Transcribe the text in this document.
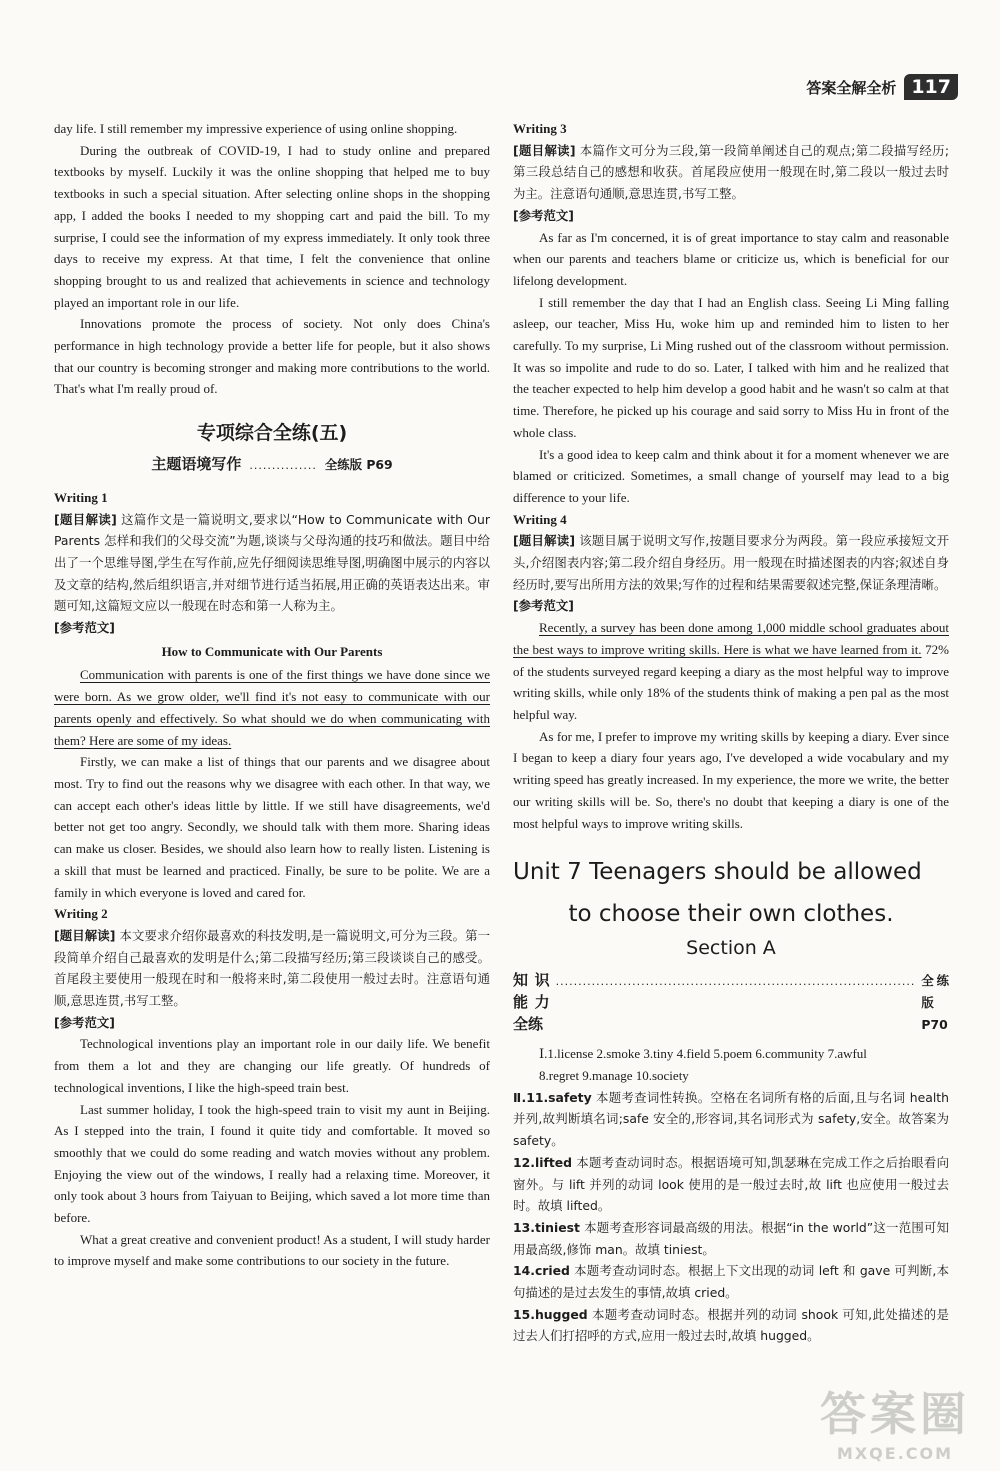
答案全解全析 117

day life. I still remember my impressive experience of using online shopping.

During the outbreak of COVID-19, I had to study online and prepared textbooks by myself. Luckily it was the online shopping that helped me to buy textbooks in such a special situation. After selecting online shops in the shopping app, I added the books I needed to my shopping cart and paid the bill. To my surprise, I could see the information of my express immediately. It only took three days to receive my express. At that time, I felt the convenience that online shopping brought to us and realized that achievements in science and technology played an important role in our life.

Innovations promote the process of society. Not only does China's performance in high technology provide a better life for people, but it also shows that our country is becoming stronger and making more contributions to the world. That's what I'm really proud of.

专项综合全练(五)
主题语境写作 ............... 全练版 P69
Writing 1

[题目解读] 这篇作文是一篇说明文,要求以“How to Communicate with Our Parents 怎样和我们的父母交流”为题,谈谈与父母沟通的技巧和做法。题目中给出了一个思维导图,学生在写作前,应先仔细阅读思维导图,明确图中展示的内容以及文章的结构,然后组织语言,并对细节进行适当拓展,用正确的英语表达出来。审题可知,这篇短文应以一般现在时态和第一人称为主。

[参考范文]
How to Communicate with Our Parents

Communication with parents is one of the first things we have done since we were born. As we grow older, we'll find it's not easy to communicate with our parents openly and effectively. So what should we do when communicating with them? Here are some of my ideas.

Firstly, we can make a list of things that our parents and we disagree about most. Try to find out the reasons why we disagree with each other. In that way, we can accept each other's ideas little by little. If we still have disagreements, we'd better not get too angry. Secondly, we should talk with them more. Sharing ideas can make us closer. Besides, we should also learn how to really listen. Listening is a skill that must be learned and practiced. Finally, be sure to be polite. We are a family in which everyone is loved and cared for.

Writing 2

[题目解读] 本文要求介绍你最喜欢的科技发明,是一篇说明文,可分为三段。第一段简单介绍自己最喜欢的发明是什么;第二段描写经历;第三段谈谈自己的感受。首尾段主要使用一般现在时和一般将来时,第二段使用一般过去时。注意语句通顺,意思连贯,书写工整。

[参考范文]

Technological inventions play an important role in our daily life. We benefit from them a lot and they are changing our life greatly. Of hundreds of technological inventions, I like the high-speed train best.

Last summer holiday, I took the high-speed train to visit my aunt in Beijing. As I stepped into the train, I found it quite tidy and comfortable. It moved so smoothly that we could do some reading and watch movies without any problem. Enjoying the view out of the windows, I really had a relaxing time. Moreover, it only took about 3 hours from Taiyuan to Beijing, which saved a lot more time than before.

What a great creative and convenient product! As a student, I will study harder to improve myself and make some contributions to our society in the future.

Writing 3

[题目解读] 本篇作文可分为三段,第一段简单阐述自己的观点;第二段描写经历;第三段总结自己的感想和收获。首尾段应使用一般现在时,第二段以一般过去时为主。注意语句通顺,意思连贯,书写工整。

[参考范文]

As far as I'm concerned, it is of great importance to stay calm and reasonable when our parents and teachers blame or criticize us, which is beneficial for our lifelong development.

I still remember the day that I had an English class. Seeing Li Ming falling asleep, our teacher, Miss Hu, woke him up and reminded him to listen to her carefully. To my surprise, Li Ming rushed out of the classroom without permission. It was so impolite and rude to do so. Later, I talked with him and he realized that the teacher expected to help him develop a good habit and he wasn't so calm at that time. Therefore, he picked up his courage and said sorry to Miss Hu in front of the whole class.

It's a good idea to keep calm and think about it for a moment whenever we are blamed or criticized. Sometimes, a small change of yourself may lead to a big difference to your life.

Writing 4

[题目解读] 该题目属于说明文写作,按题目要求分为两段。第一段应承接短文开头,介绍图表内容;第二段介绍自身经历。用一般现在时描述图表的内容;叙述自身经历时,要写出所用方法的效果;写作的过程和结果需要叙述完整,保证条理清晰。

[参考范文]

Recently, a survey has been done among 1,000 middle school graduates about the best ways to improve writing skills. Here is what we have learned from it. 72% of the students surveyed regard keeping a diary as the most helpful way to improve writing skills, while only 18% of the students think of making a pen pal as the most helpful way.

As for me, I prefer to improve my writing skills by keeping a diary. Ever since I began to keep a diary four years ago, I've developed a wide vocabulary and my writing speed has greatly increased. In my experience, the more we write, the better our writing skills will be. So, there's no doubt that keeping a diary is one of the most helpful ways to improve writing skills.

Unit 7 Teenagers should be allowed
to choose their own clothes.
Section A
知识能力全练
................................................................................ 全练版 P70

Ⅰ.1.license 2.smoke 3.tiny 4.field 5.poem 6.community 7.awful

8.regret 9.manage 10.society

Ⅱ.11.safety 本题考查词性转换。空格在名词所有格的后面,且与名词 health 并列,故判断填名词;safe 安全的,形容词,其名词形式为 safety,安全。故答案为 safety。

12.lifted 本题考查动词时态。根据语境可知,凯瑟琳在完成工作之后抬眼看向窗外。与 lift 并列的动词 look 使用的是一般过去时,故 lift 也应使用一般过去时。故填 lifted。

13.tiniest 本题考查形容词最高级的用法。根据“in the world”这一范围可知用最高级,修饰 man。故填 tiniest。

14.cried 本题考查动词时态。根据上下文出现的动词 left 和 gave 可判断,本句描述的是过去发生的事情,故填 cried。

15.hugged 本题考查动词时态。根据并列的动词 shook 可知,此处描述的是过去人们打招呼的方式,应用一般过去时,故填 hugged。

答案圈
MXQE.COM
